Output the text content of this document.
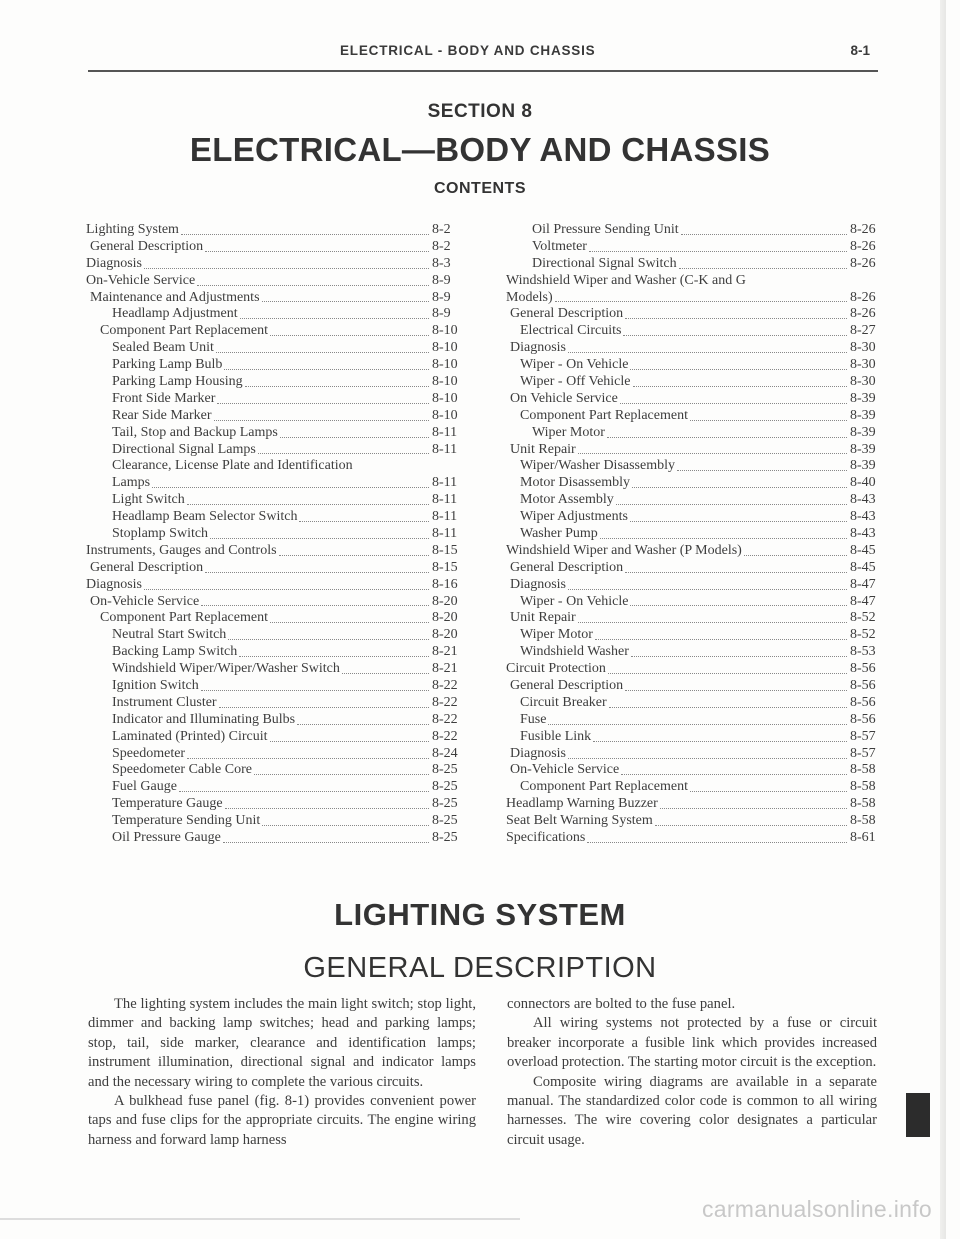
ELECTRICAL - BODY AND CHASSIS	8-1
SECTION 8
ELECTRICAL—BODY AND CHASSIS
CONTENTS
Lighting System	8-2
General Description	8-2
Diagnosis	8-3
On-Vehicle Service	8-9
Maintenance and Adjustments	8-9
Headlamp Adjustment	8-9
Component Part Replacement	8-10
Sealed Beam Unit	8-10
Parking Lamp Bulb	8-10
Parking Lamp Housing	8-10
Front Side Marker	8-10
Rear Side Marker	8-10
Tail, Stop and Backup Lamps	8-11
Directional Signal Lamps	8-11
Clearance, License Plate and Identification
Lamps	8-11
Light Switch	8-11
Headlamp Beam Selector Switch	8-11
Stoplamp Switch	8-11
Instruments, Gauges and Controls	8-15
General Description	8-15
Diagnosis	8-16
On-Vehicle Service	8-20
Component Part Replacement	8-20
Neutral Start Switch	8-20
Backing Lamp Switch	8-21
Windshield Wiper/Wiper/Washer Switch	8-21
Ignition Switch	8-22
Instrument Cluster	8-22
Indicator and Illuminating Bulbs	8-22
Laminated (Printed) Circuit	8-22
Speedometer	8-24
Speedometer Cable Core	8-25
Fuel Gauge	8-25
Temperature Gauge	8-25
Temperature Sending Unit	8-25
Oil Pressure Gauge	8-25
Oil Pressure Sending Unit	8-26
Voltmeter	8-26
Directional Signal Switch	8-26
Windshield Wiper and Washer (C-K and G
Models)	8-26
General Description	8-26
Electrical Circuits	8-27
Diagnosis	8-30
Wiper - On Vehicle	8-30
Wiper - Off Vehicle	8-30
On Vehicle Service	8-39
Component Part Replacement	8-39
Wiper Motor	8-39
Unit Repair	8-39
Wiper/Washer Disassembly	8-39
Motor Disassembly	8-40
Motor Assembly	8-43
Wiper Adjustments	8-43
Washer Pump	8-43
Windshield Wiper and Washer (P Models)	8-45
General Description	8-45
Diagnosis	8-47
Wiper - On Vehicle	8-47
Unit Repair	8-52
Wiper Motor	8-52
Windshield Washer	8-53
Circuit Protection	8-56
General Description	8-56
Circuit Breaker	8-56
Fuse	8-56
Fusible Link	8-57
Diagnosis	8-57
On-Vehicle Service	8-58
Component Part Replacement	8-58
Headlamp Warning Buzzer	8-58
Seat Belt Warning System	8-58
Specifications	8-61
LIGHTING SYSTEM
GENERAL DESCRIPTION

The lighting system includes the main light switch; stop light, dimmer and backing lamp switches; head and parking lamps; stop, tail, side marker, clearance and identification lamps; instrument illumination, directional signal and indicator lamps and the necessary wiring to complete the various circuits.

A bulkhead fuse panel (fig. 8-1) provides convenient power taps and fuse clips for the appropriate circuits. The engine wiring harness and forward lamp harness

connectors are bolted to the fuse panel.

All wiring systems not protected by a fuse or circuit breaker incorporate a fusible link which provides increased overload protection. The starting motor circuit is the exception.

Composite wiring diagrams are available in a separate manual. The standardized color code is common to all wiring harnesses. The wire covering color designates a particular circuit usage.

carmanualsonline.info
